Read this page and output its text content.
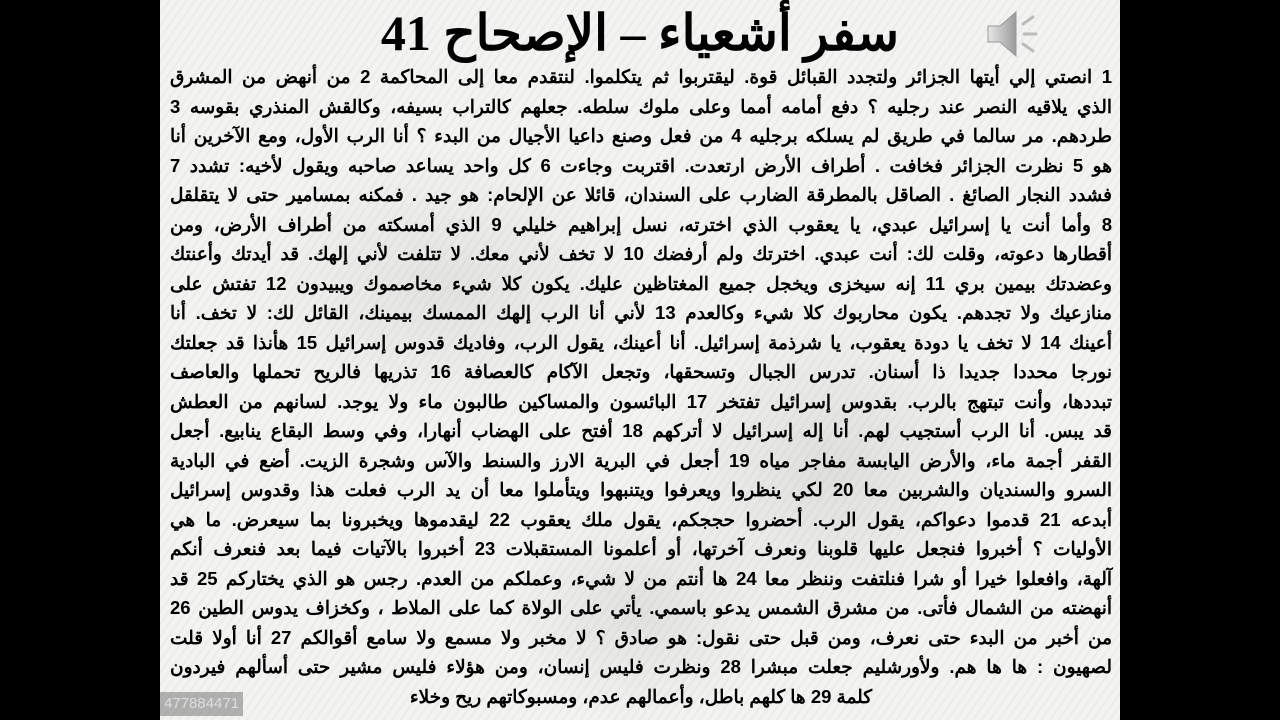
سفر أشعياء – الإصحاح 41
1 انصتي إلي أيتها الجزائر ولتجدد القبائل قوة. ليقتربوا ثم يتكلموا. لنتقدم معا إلى المحاكمة 2 من أنهض من المشرق
الذي يلاقيه النصر عند رجليه ؟ دفع أمامه أمما وعلى ملوك سلطه. جعلهم كالتراب بسيفه، وكالقش المنذري بقوسه 3
طردهم. مر سالما في طريق لم يسلكه برجليه 4 من فعل وصنع داعيا الأجيال من البدء ؟ أنا الرب الأول، ومع الآخرين أنا
هو 5 نظرت الجزائر فخافت . أطراف الأرض ارتعدت. اقتربت وجاءت 6 كل واحد يساعد صاحبه ويقول لأخيه: تشدد 7
فشدد النجار الصائغ . الصاقل بالمطرقة الضارب على السندان، قائلا عن الإلحام: هو جيد . فمكنه بمسامير حتى لا يتقلقل
8 وأما أنت يا إسرائيل عبدي، يا يعقوب الذي اخترته، نسل إبراهيم خليلي 9 الذي أمسكته من أطراف الأرض، ومن
أقطارها دعوته، وقلت لك: أنت عبدي. اخترتك ولم أرفضك 10 لا تخف لأني معك. لا تتلفت لأني إلهك. قد أيدتك وأعنتك
وعضدتك بيمين بري 11 إنه سيخزى ويخجل جميع المغتاظين عليك. يكون كلا شيء مخاصموك ويبيدون 12 تفتش على
منازعيك ولا تجدهم. يكون محاربوك كلا شيء وكالعدم 13 لأني أنا الرب إلهك الممسك بيمينك، القائل لك: لا تخف. أنا
أعينك 14 لا تخف يا دودة يعقوب، يا شرذمة إسرائيل. أنا أعينك، يقول الرب، وفاديك قدوس إسرائيل 15 هأنذا قد جعلتك
نورجا محددا جديدا ذا أسنان. تدرس الجبال وتسحقها، وتجعل الآكام كالعصافة 16 تذريها فالريح تحملها والعاصف
تبددها، وأنت تبتهج بالرب. بقدوس إسرائيل تفتخر 17 البائسون والمساكين طالبون ماء ولا يوجد. لسانهم من العطش
قد يبس. أنا الرب أستجيب لهم. أنا إله إسرائيل لا أتركهم 18 أفتح على الهضاب أنهارا، وفي وسط البقاع ينابيع. أجعل
القفر أجمة ماء، والأرض اليابسة مفاجر مياه 19 أجعل في البرية الارز والسنط والآس وشجرة الزيت. أضع في البادية
السرو والسنديان والشربين معا 20 لكي ينظروا ويعرفوا ويتنبهوا ويتأملوا معا أن يد الرب فعلت هذا وقدوس إسرائيل
أبدعه 21 قدموا دعواكم، يقول الرب. أحضروا حججكم، يقول ملك يعقوب 22 ليقدموها ويخبرونا بما سيعرض. ما هي
الأوليات ؟ أخبروا فنجعل عليها قلوبنا ونعرف آخرتها، أو أعلمونا المستقبلات 23 أخبروا بالآتيات فيما بعد فنعرف أنكم
آلهة، وافعلوا خيرا أو شرا فنلتفت وننظر معا 24 ها أنتم من لا شيء، وعملكم من العدم. رجس هو الذي يختاركم 25 قد
أنهضته من الشمال فأتى. من مشرق الشمس يدعو باسمي. يأتي على الولاة كما على الملاط ، وكخزاف يدوس الطين 26
من أخبر من البدء حتى نعرف، ومن قبل حتى نقول: هو صادق ؟ لا مخبر ولا مسمع ولا سامع أقوالكم 27 أنا أولا قلت
لصهيون : ها ها هم. ولأورشليم جعلت مبشرا 28 ونظرت فليس إنسان، ومن هؤلاء فليس مشير حتى أسألهم فيردون
كلمة 29 ها كلهم باطل، وأعمالهم عدم، ومسبوكاتهم ريح وخلاء
477884471
